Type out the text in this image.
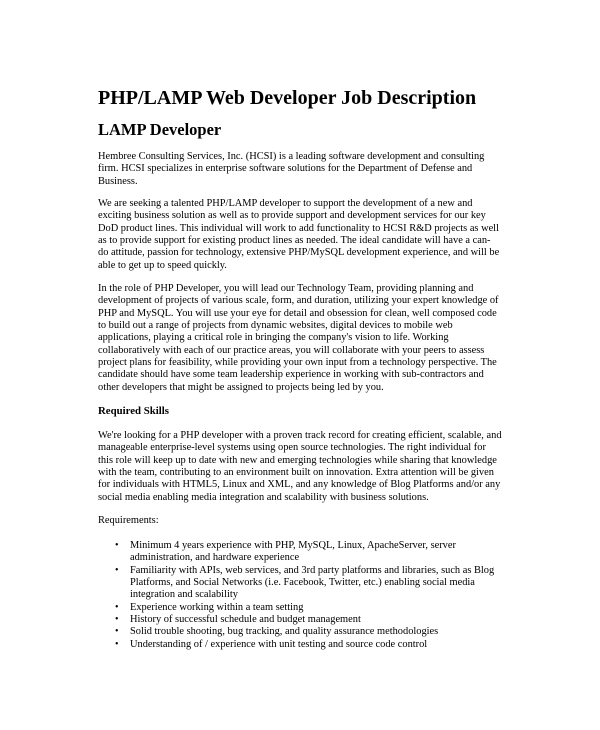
PHP/LAMP Web Developer Job Description
LAMP Developer
Hembree Consulting Services, Inc. (HCSI) is a leading software development and consulting
firm. HCSI specializes in enterprise software solutions for the Department of Defense and
Business.
We are seeking a talented PHP/LAMP developer to support the development of a new and
exciting business solution as well as to provide support and development services for our key
DoD product lines. This individual will work to add functionality to HCSI R&D projects as well
as to provide support for existing product lines as needed. The ideal candidate will have a can-
do attitude, passion for technology, extensive PHP/MySQL development experience, and will be
able to get up to speed quickly.
In the role of PHP Developer, you will lead our Technology Team, providing planning and
development of projects of various scale, form, and duration, utilizing your expert knowledge of
PHP and MySQL. You will use your eye for detail and obsession for clean, well composed code
to build out a range of projects from dynamic websites, digital devices to mobile web
applications, playing a critical role in bringing the company's vision to life. Working
collaboratively with each of our practice areas, you will collaborate with your peers to assess
project plans for feasibility, while providing your own input from a technology perspective. The
candidate should have some team leadership experience in working with sub-contractors and
other developers that might be assigned to projects being led by you.
Required Skills
We're looking for a PHP developer with a proven track record for creating efficient, scalable, and
manageable enterprise-level systems using open source technologies. The right individual for
this role will keep up to date with new and emerging technologies while sharing that knowledge
with the team, contributing to an environment built on innovation. Extra attention will be given
for individuals with HTML5, Linux and XML, and any knowledge of Blog Platforms and/or any
social media enabling media integration and scalability with business solutions.
Requirements:
• Minimum 4 years experience with PHP, MySQL, Linux, ApacheServer, server
administration, and hardware experience
• Familiarity with APIs, web services, and 3rd party platforms and libraries, such as Blog
Platforms, and Social Networks (i.e. Facebook, Twitter, etc.) enabling social media
integration and scalability
• Experience working within a team setting
• History of successful schedule and budget management
• Solid trouble shooting, bug tracking, and quality assurance methodologies
• Understanding of / experience with unit testing and source code control
